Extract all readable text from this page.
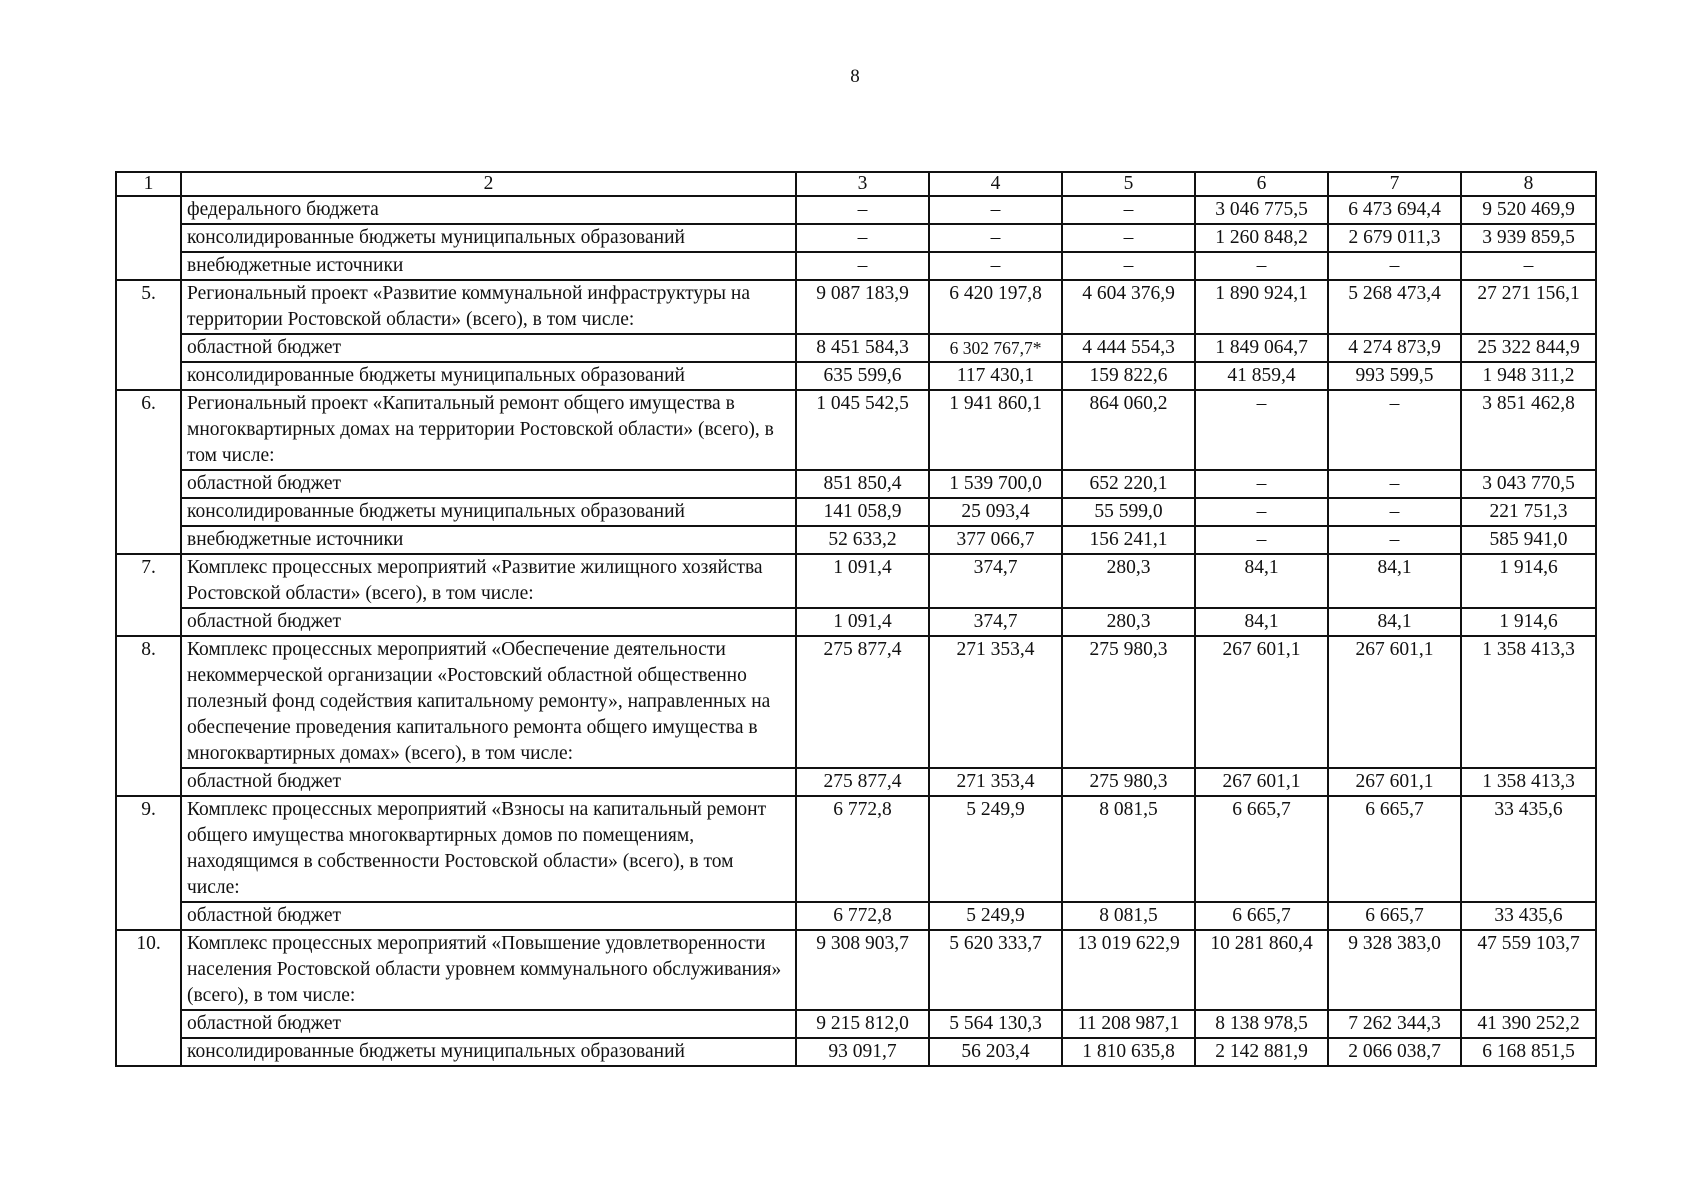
8
1	2	3	4	5	6	7	8
	федерального бюджета	–	–	–	3 046 775,5	6 473 694,4	9 520 469,9
	консолидированные бюджеты муниципальных образований	–	–	–	1 260 848,2	2 679 011,3	3 939 859,5
	внебюджетные источники	–	–	–	–	–	–
5.	Региональный проект «Развитие коммунальной инфраструктуры на территории Ростовской области» (всего), в том числе:	9 087 183,9	6 420 197,8	4 604 376,9	1 890 924,1	5 268 473,4	27 271 156,1
	областной бюджет	8 451 584,3	6 302 767,7*	4 444 554,3	1 849 064,7	4 274 873,9	25 322 844,9
	консолидированные бюджеты муниципальных образований	635 599,6	117 430,1	159 822,6	41 859,4	993 599,5	1 948 311,2
6.	Региональный проект «Капитальный ремонт общего имущества в многоквартирных домах на территории Ростовской области» (всего), в том числе:	1 045 542,5	1 941 860,1	864 060,2	–	–	3 851 462,8
	областной бюджет	851 850,4	1 539 700,0	652 220,1	–	–	3 043 770,5
	консолидированные бюджеты муниципальных образований	141 058,9	25 093,4	55 599,0	–	–	221 751,3
	внебюджетные источники	52 633,2	377 066,7	156 241,1	–	–	585 941,0
7.	Комплекс процессных мероприятий «Развитие жилищного хозяйства Ростовской области» (всего), в том числе:	1 091,4	374,7	280,3	84,1	84,1	1 914,6
	областной бюджет	1 091,4	374,7	280,3	84,1	84,1	1 914,6
8.	Комплекс процессных мероприятий «Обеспечение деятельности некоммерческой организации «Ростовский областной общественно полезный фонд содействия капитальному ремонту», направленных на обеспечение проведения капитального ремонта общего имущества в многоквартирных домах» (всего), в том числе:	275 877,4	271 353,4	275 980,3	267 601,1	267 601,1	1 358 413,3
	областной бюджет	275 877,4	271 353,4	275 980,3	267 601,1	267 601,1	1 358 413,3
9.	Комплекс процессных мероприятий «Взносы на капитальный ремонт общего имущества многоквартирных домов по помещениям, находящимся в собственности Ростовской области» (всего), в том числе:	6 772,8	5 249,9	8 081,5	6 665,7	6 665,7	33 435,6
	областной бюджет	6 772,8	5 249,9	8 081,5	6 665,7	6 665,7	33 435,6
10.	Комплекс процессных мероприятий «Повышение удовлетворенности населения Ростовской области уровнем коммунального обслуживания» (всего), в том числе:	9 308 903,7	5 620 333,7	13 019 622,9	10 281 860,4	9 328 383,0	47 559 103,7
	областной бюджет	9 215 812,0	5 564 130,3	11 208 987,1	8 138 978,5	7 262 344,3	41 390 252,2
	консолидированные бюджеты муниципальных образований	93 091,7	56 203,4	1 810 635,8	2 142 881,9	2 066 038,7	6 168 851,5
